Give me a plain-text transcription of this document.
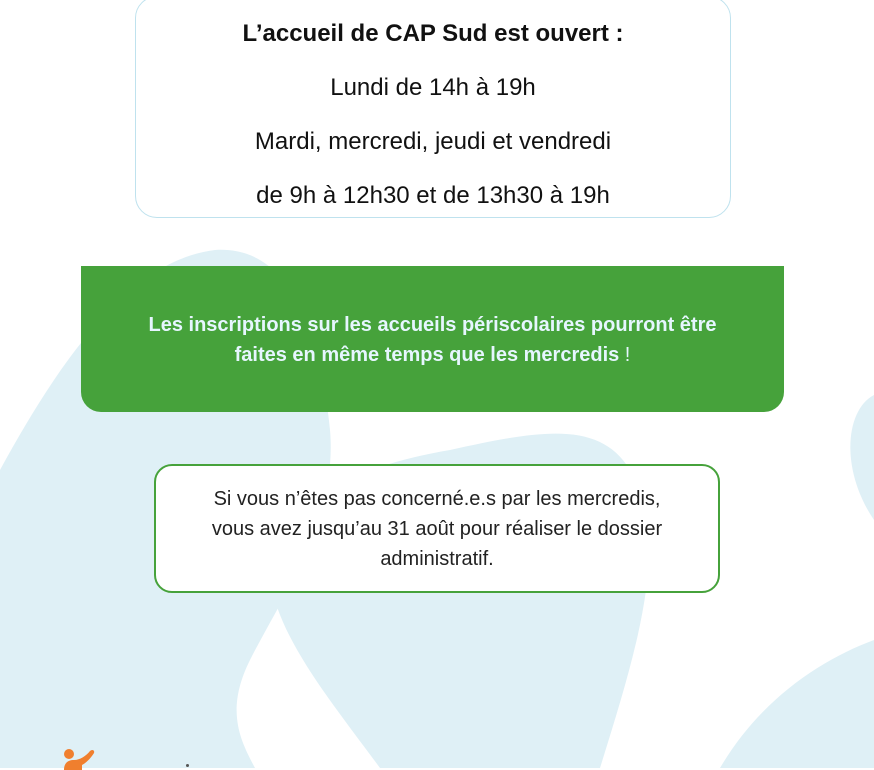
L’accueil de CAP Sud est ouvert :

Lundi de 14h à 19h

Mardi, mercredi, jeudi et vendredi

de 9h à 12h30 et de 13h30 à 19h

Les inscriptions sur les accueils périscolaires pourront être
faites en même temps que les mercredis !

Si vous n’êtes pas concerné.e.s par les mercredis,

vous avez jusqu’au 31 août pour réaliser le dossier

administratif.
